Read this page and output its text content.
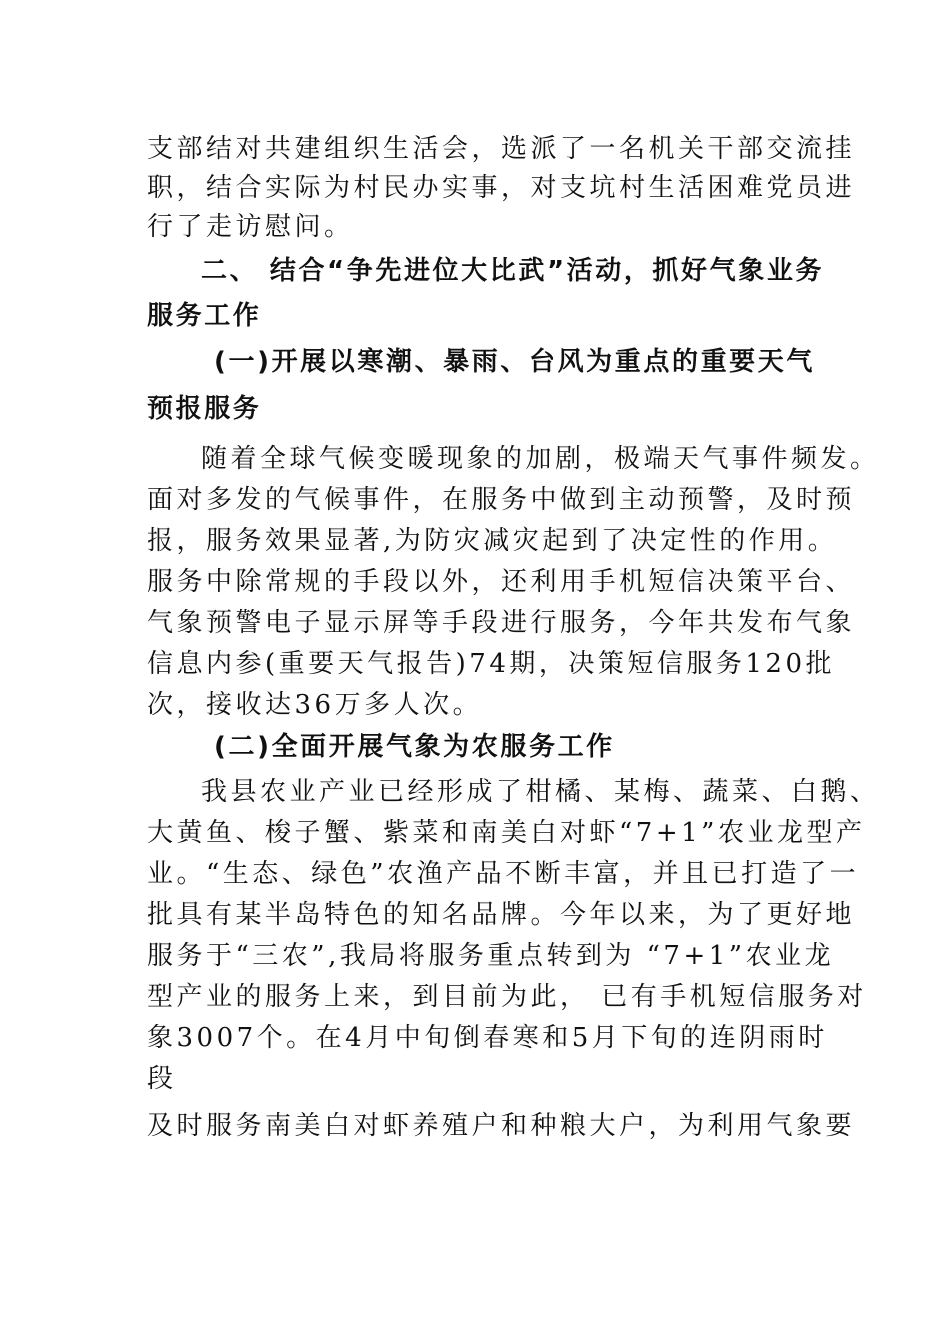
支部结对共建组织生活会，选派了一名机关干部交流挂
职，结合实际为村民办实事，对支坑村生活困难党员进
行了走访慰问。
二、 结合“争先进位大比武”活动，抓好气象业务
服务工作
(一)开展以寒潮、暴雨、台风为重点的重要天气
预报服务
随着全球气候变暖现象的加剧，极端天气事件频发。
面对多发的气候事件，在服务中做到主动预警，及时预
报，服务效果显著,为防灾减灾起到了决定性的作用。
服务中除常规的手段以外，还利用手机短信决策平台、
气象预警电子显示屏等手段进行服务，今年共发布气象
信息内参(重要天气报告)74期，决策短信服务120批
次，接收达36万多人次。
(二)全面开展气象为农服务工作
我县农业产业已经形成了柑橘、某梅、蔬菜、白鹅、
大黄鱼、梭子蟹、紫菜和南美白对虾“7+1”农业龙型产
业。“生态、绿色”农渔产品不断丰富，并且已打造了一
批具有某半岛特色的知名品牌。今年以来，为了更好地
服务于“三农”,我局将服务重点转到为 “7+1”农业龙
型产业的服务上来，到目前为此， 已有手机短信服务对
象3007个。在4月中旬倒春寒和5月下旬的连阴雨时
段
及时服务南美白对虾养殖户和种粮大户，为利用气象要
